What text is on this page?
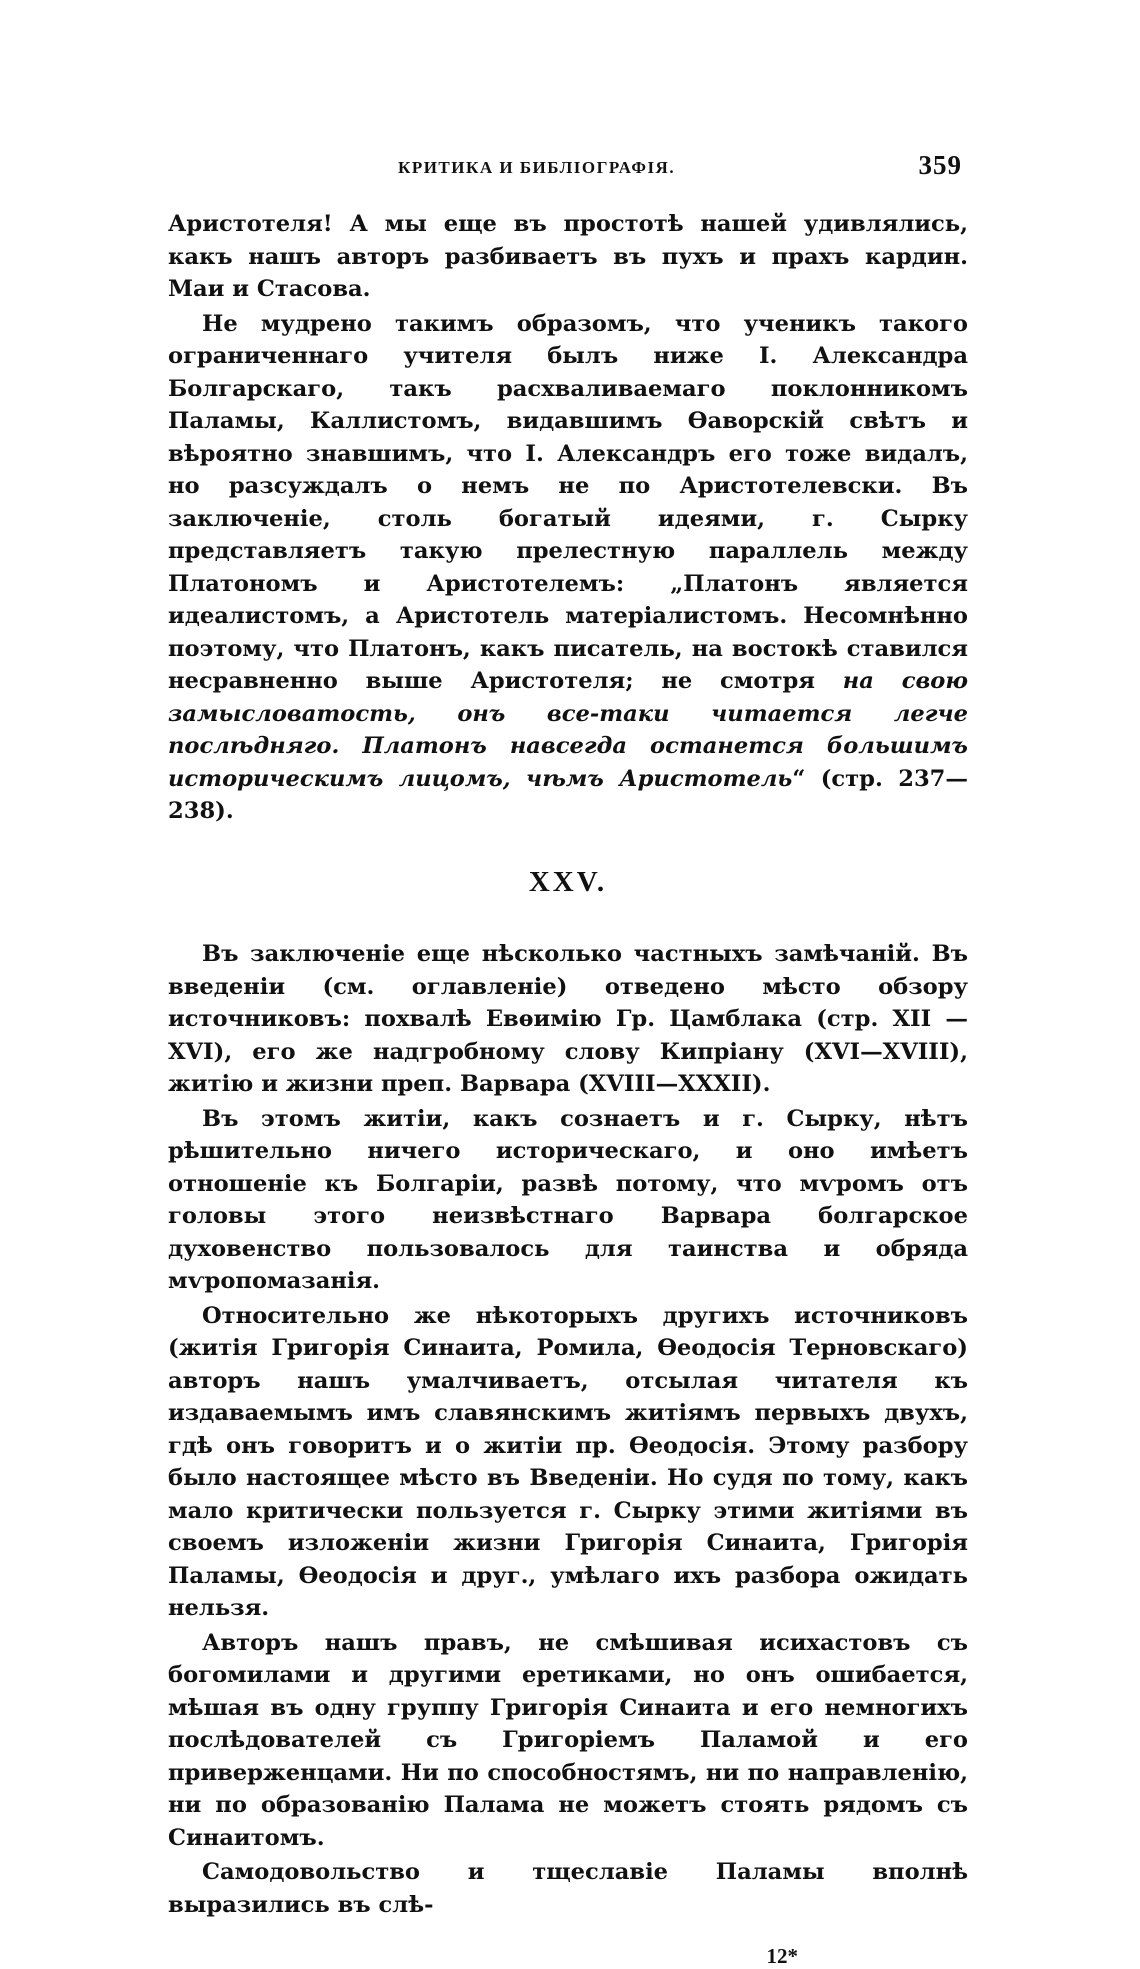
КРИТИКА И БИБЛІОГРАФІЯ.	359

Аристотеля! А мы еще въ простотѣ нашей удивлялись, какъ нашъ авторъ разбиваетъ въ пухъ и прахъ кардин. Маи и Стасова.

Не мудрено такимъ образомъ, что ученикъ такого ограниченнаго учителя былъ ниже І. Александра Болгарскаго, такъ расхваливаемаго поклонникомъ Паламы, Каллистомъ, видавшимъ Ѳаворскій свѣтъ и вѣроятно знавшимъ, что І. Александръ его тоже видалъ, но разсуждалъ о немъ не по Аристотелевски. Въ заключеніе, столь богатый идеями, г. Сырку представляетъ такую прелестную параллель между Платономъ и Аристотелемъ: „Платонъ является идеалистомъ, а Аристотель матеріалистомъ. Несомнѣнно поэтому, что Платонъ, какъ писатель, на востокѣ ставился несравненно выше Аристотеля; не смотря на свою замысловатость, онъ все-таки читается легче послѣдняго. Платонъ навсегда останется большимъ историческимъ лицомъ, чѣмъ Аристотель“ (стр. 237—238).

XXV.

Въ заключеніе еще нѣсколько частныхъ замѣчаній. Въ введеніи (см. оглавленіе) отведено мѣсто обзору источниковъ: похвалѣ Евѳимію Гр. Цамблака (стр. XII — XVI), его же надгробному слову Кипріану (XVI—XVIII), житію и жизни преп. Варвара (XVIII—XXXII).

Въ этомъ житіи, какъ сознаетъ и г. Сырку, нѣтъ рѣшительно ничего историческаго, и оно имѣетъ отношеніе къ Болгаріи, развѣ потому, что мѵромъ отъ головы этого неизвѣстнаго Варвара болгарское духовенство пользовалось для таинства и обряда мѵропомазанія.

Относительно же нѣкоторыхъ другихъ источниковъ (житія Григорія Синаита, Ромила, Ѳеодосія Терновскаго) авторъ нашъ умалчиваетъ, отсылая читателя къ издаваемымъ имъ славянскимъ житіямъ первыхъ двухъ, гдѣ онъ говоритъ и о житіи пр. Ѳеодосія. Этому разбору было настоящее мѣсто въ Введеніи. Но судя по тому, какъ мало критически пользуется г. Сырку этими житіями въ своемъ изложеніи жизни Григорія Синаита, Григорія Паламы, Ѳеодосія и друг., умѣлаго ихъ разбора ожидать нельзя.

Авторъ нашъ правъ, не смѣшивая исихастовъ съ богомилами и другими еретиками, но онъ ошибается, мѣшая въ одну группу Григорія Синаита и его немногихъ послѣдователей съ Григоріемъ Паламой и его приверженцами. Ни по способностямъ, ни по направленію, ни по образованію Палама не можетъ стоять рядомъ съ Синаитомъ.

Самодовольство и тщеславіе Паламы вполнѣ выразились въ слѣ-

12*
